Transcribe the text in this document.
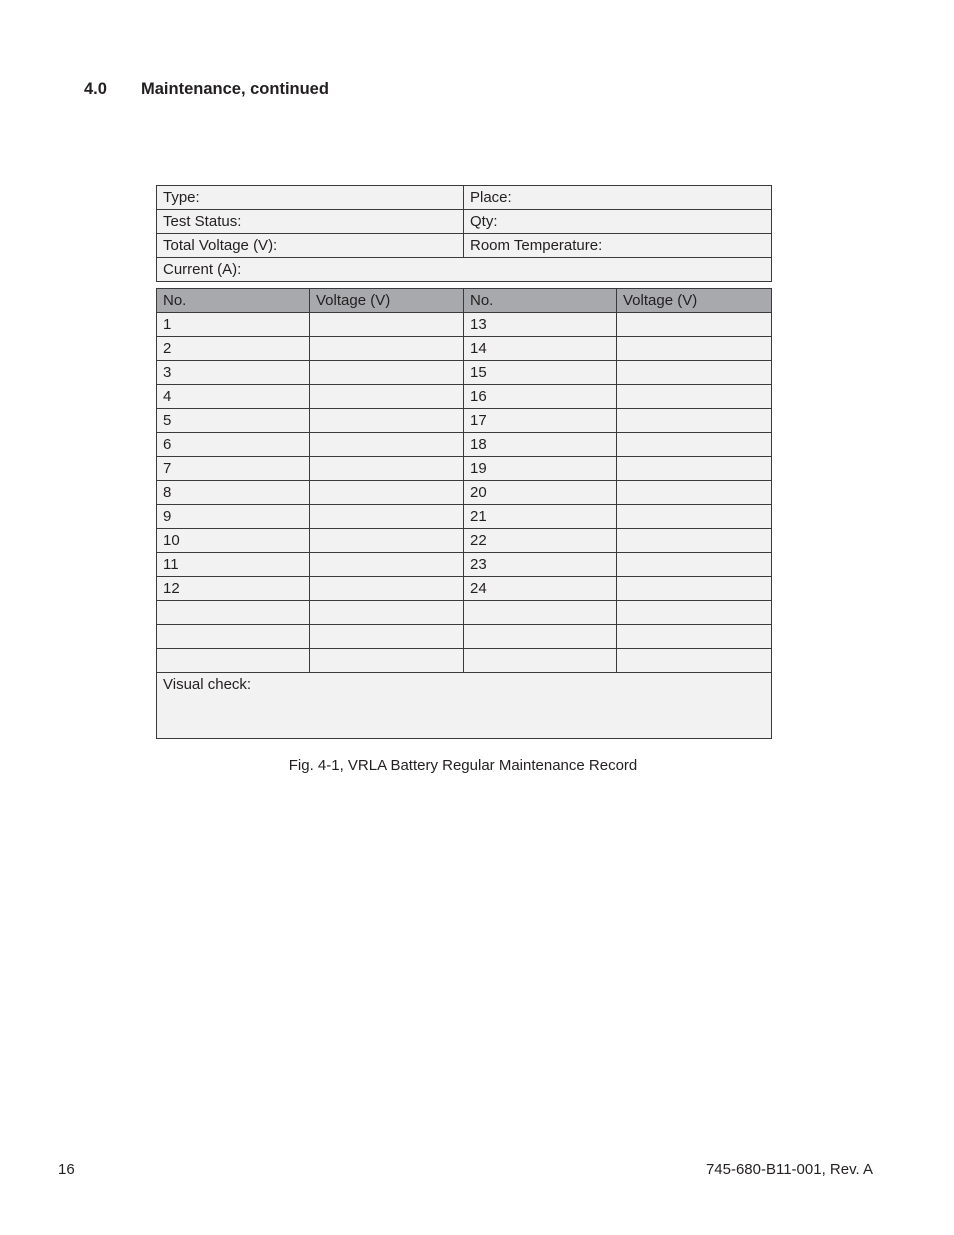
4.0 Maintenance, continued
Type:	Place:
Test Status:	Qty:
Total Voltage (V):	Room Temperature:
Current (A):	
No.	Voltage (V)	No.	Voltage (V)
1		13	
2		14	
3		15	
4		16	
5		17	
6		18	
7		19	
8		20	
9		21	
10		22	
11		23	
12		24	

Visual check:			
Fig. 4-1, VRLA Battery Regular Maintenance Record
16	745-680-B11-001, Rev. A
